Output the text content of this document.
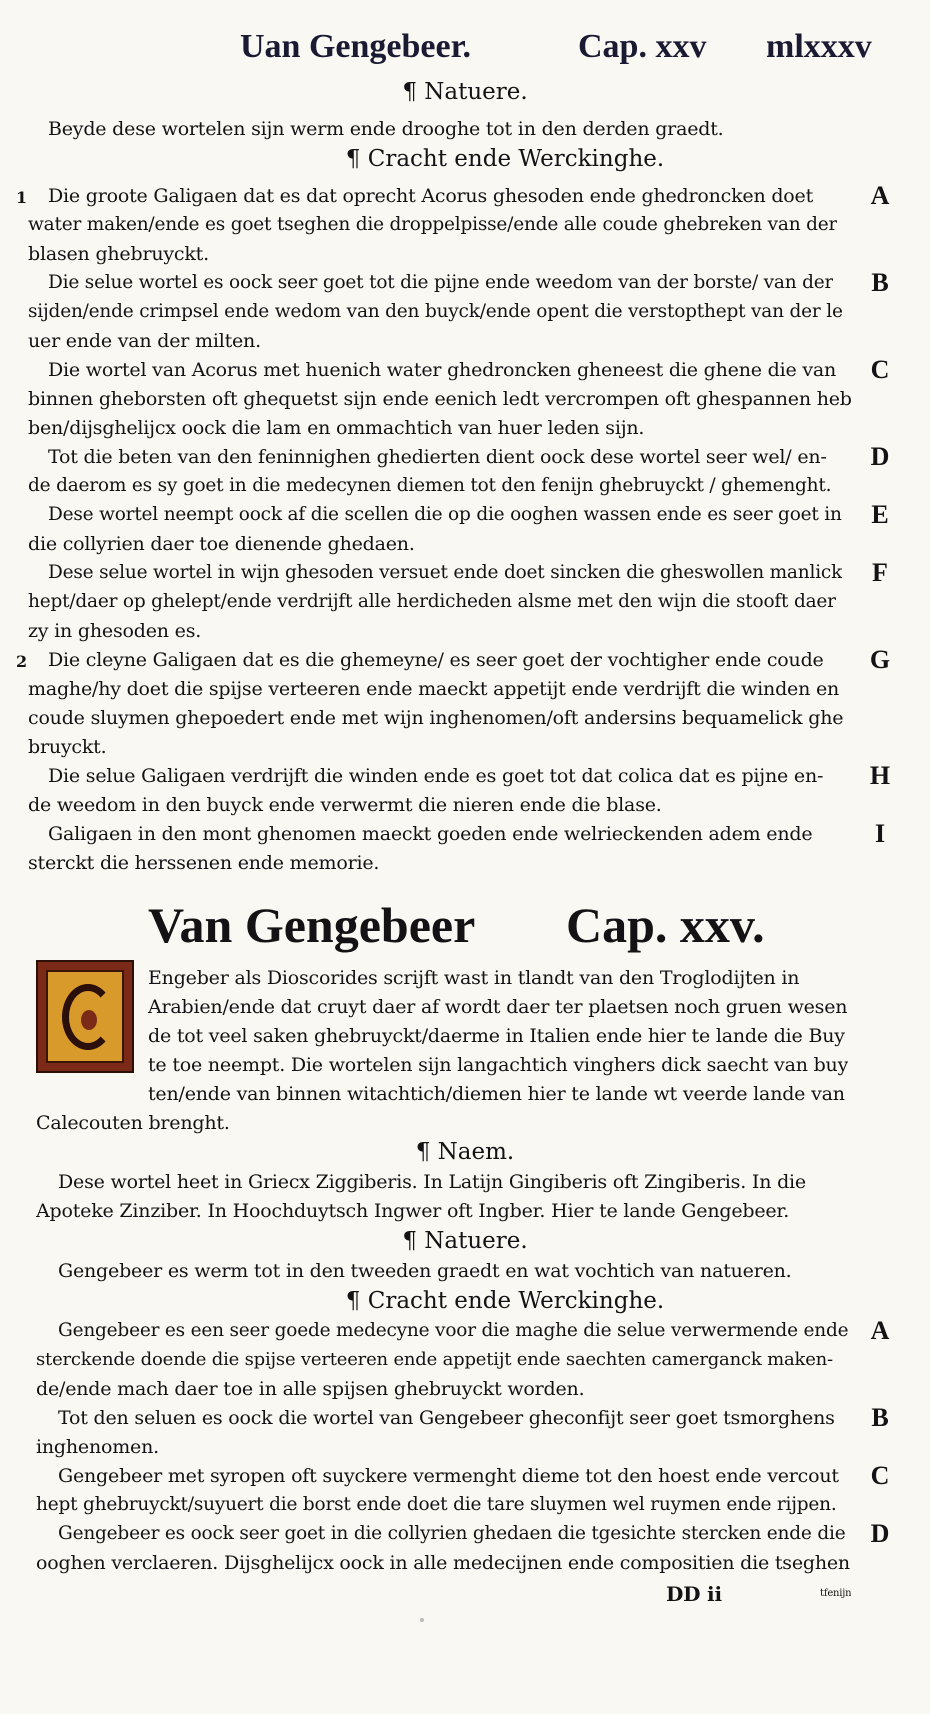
Uan Gengebeer.	Cap. xxv mlxxxv
¶ Natuere.
Beyde dese wortelen sijn werm ende drooghe tot in den derden graedt.
¶ Cracht ende Werckinghe.
Die groote Galigaen dat es dat oprecht Acorus ghesoden ende ghedroncken doet
water maken/ende es goet tseghen die droppelpisse/ende alle coude ghebreken van der
blasen ghebruyckt.
Die selue wortel es oock seer goet tot die pijne ende weedom van der borste/ van der
sijden/ende crimpsel ende wedom van den buyck/ende opent die verstopthept van der le
uer ende van der milten.
Die wortel van Acorus met huenich water ghedroncken gheneest die ghene die van
binnen gheborsten oft ghequetst sijn ende eenich ledt vercrompen oft ghespannen heb
ben/dijsghelijcx oock die lam en ommachtich van huer leden sijn.
Tot die beten van den feninnighen ghedierten dient oock dese wortel seer wel/ en-
de daerom es sy goet in die medecynen diemen tot den fenijn ghebruyckt / ghemenght.
Dese wortel neempt oock af die scellen die op die ooghen wassen ende es seer goet in
die collyrien daer toe dienende ghedaen.
Dese selue wortel in wijn ghesoden versuet ende doet sincken die gheswollen manlick
hept/daer op ghelept/ende verdrijft alle herdicheden alsme met den wijn die stooft daer
zy in ghesoden es.
Die cleyne Galigaen dat es die ghemeyne/ es seer goet der vochtigher ende coude
maghe/hy doet die spijse verteeren ende maeckt appetijt ende verdrijft die winden en
coude sluymen ghepoedert ende met wijn inghenomen/oft andersins bequamelick ghe
bruyckt.
Die selue Galigaen verdrijft die winden ende es goet tot dat colica dat es pijne en-
de weedom in den buyck ende verwermt die nieren ende die blase.
Galigaen in den mont ghenomen maeckt goeden ende welrieckenden adem ende
sterckt die herssenen ende memorie.
1
2
A
B
C
D
E
F
G
H
I
Van Gengebeer Cap. xxv.
Engeber als Dioscorides scrijft wast in tlandt van den Troglodijten in
Arabien/ende dat cruyt daer af wordt daer ter plaetsen noch gruen wesen
de tot veel saken ghebruyckt/daerme in Italien ende hier te lande die Buy
te toe neempt. Die wortelen sijn langachtich vinghers dick saecht van buy
ten/ende van binnen witachtich/diemen hier te lande wt veerde lande van
Calecouten brenght.
¶ Naem.
Dese wortel heet in Griecx Ziggiberis. In Latijn Gingiberis oft Zingiberis. In die
Apoteke Zinziber. In Hoochduytsch Ingwer oft Ingber. Hier te lande Gengebeer.
¶ Natuere.
Gengebeer es werm tot in den tweeden graedt en wat vochtich van natueren.
¶ Cracht ende Werckinghe.
Gengebeer es een seer goede medecyne voor die maghe die selue verwermende ende
sterckende doende die spijse verteeren ende appetijt ende saechten camerganck maken-
de/ende mach daer toe in alle spijsen ghebruyckt worden.
Tot den seluen es oock die wortel van Gengebeer gheconfijt seer goet tsmorghens
inghenomen.
Gengebeer met syropen oft suyckere vermenght dieme tot den hoest ende vercout
hept ghebruyckt/suyuert die borst ende doet die tare sluymen wel ruymen ende rijpen.
Gengebeer es oock seer goet in die collyrien ghedaen die tgesichte stercken ende die
ooghen verclaeren. Dijsghelijcx oock in alle medecijnen ende compositien die tseghen
A
B
C
D
DD ii	tfenijn
